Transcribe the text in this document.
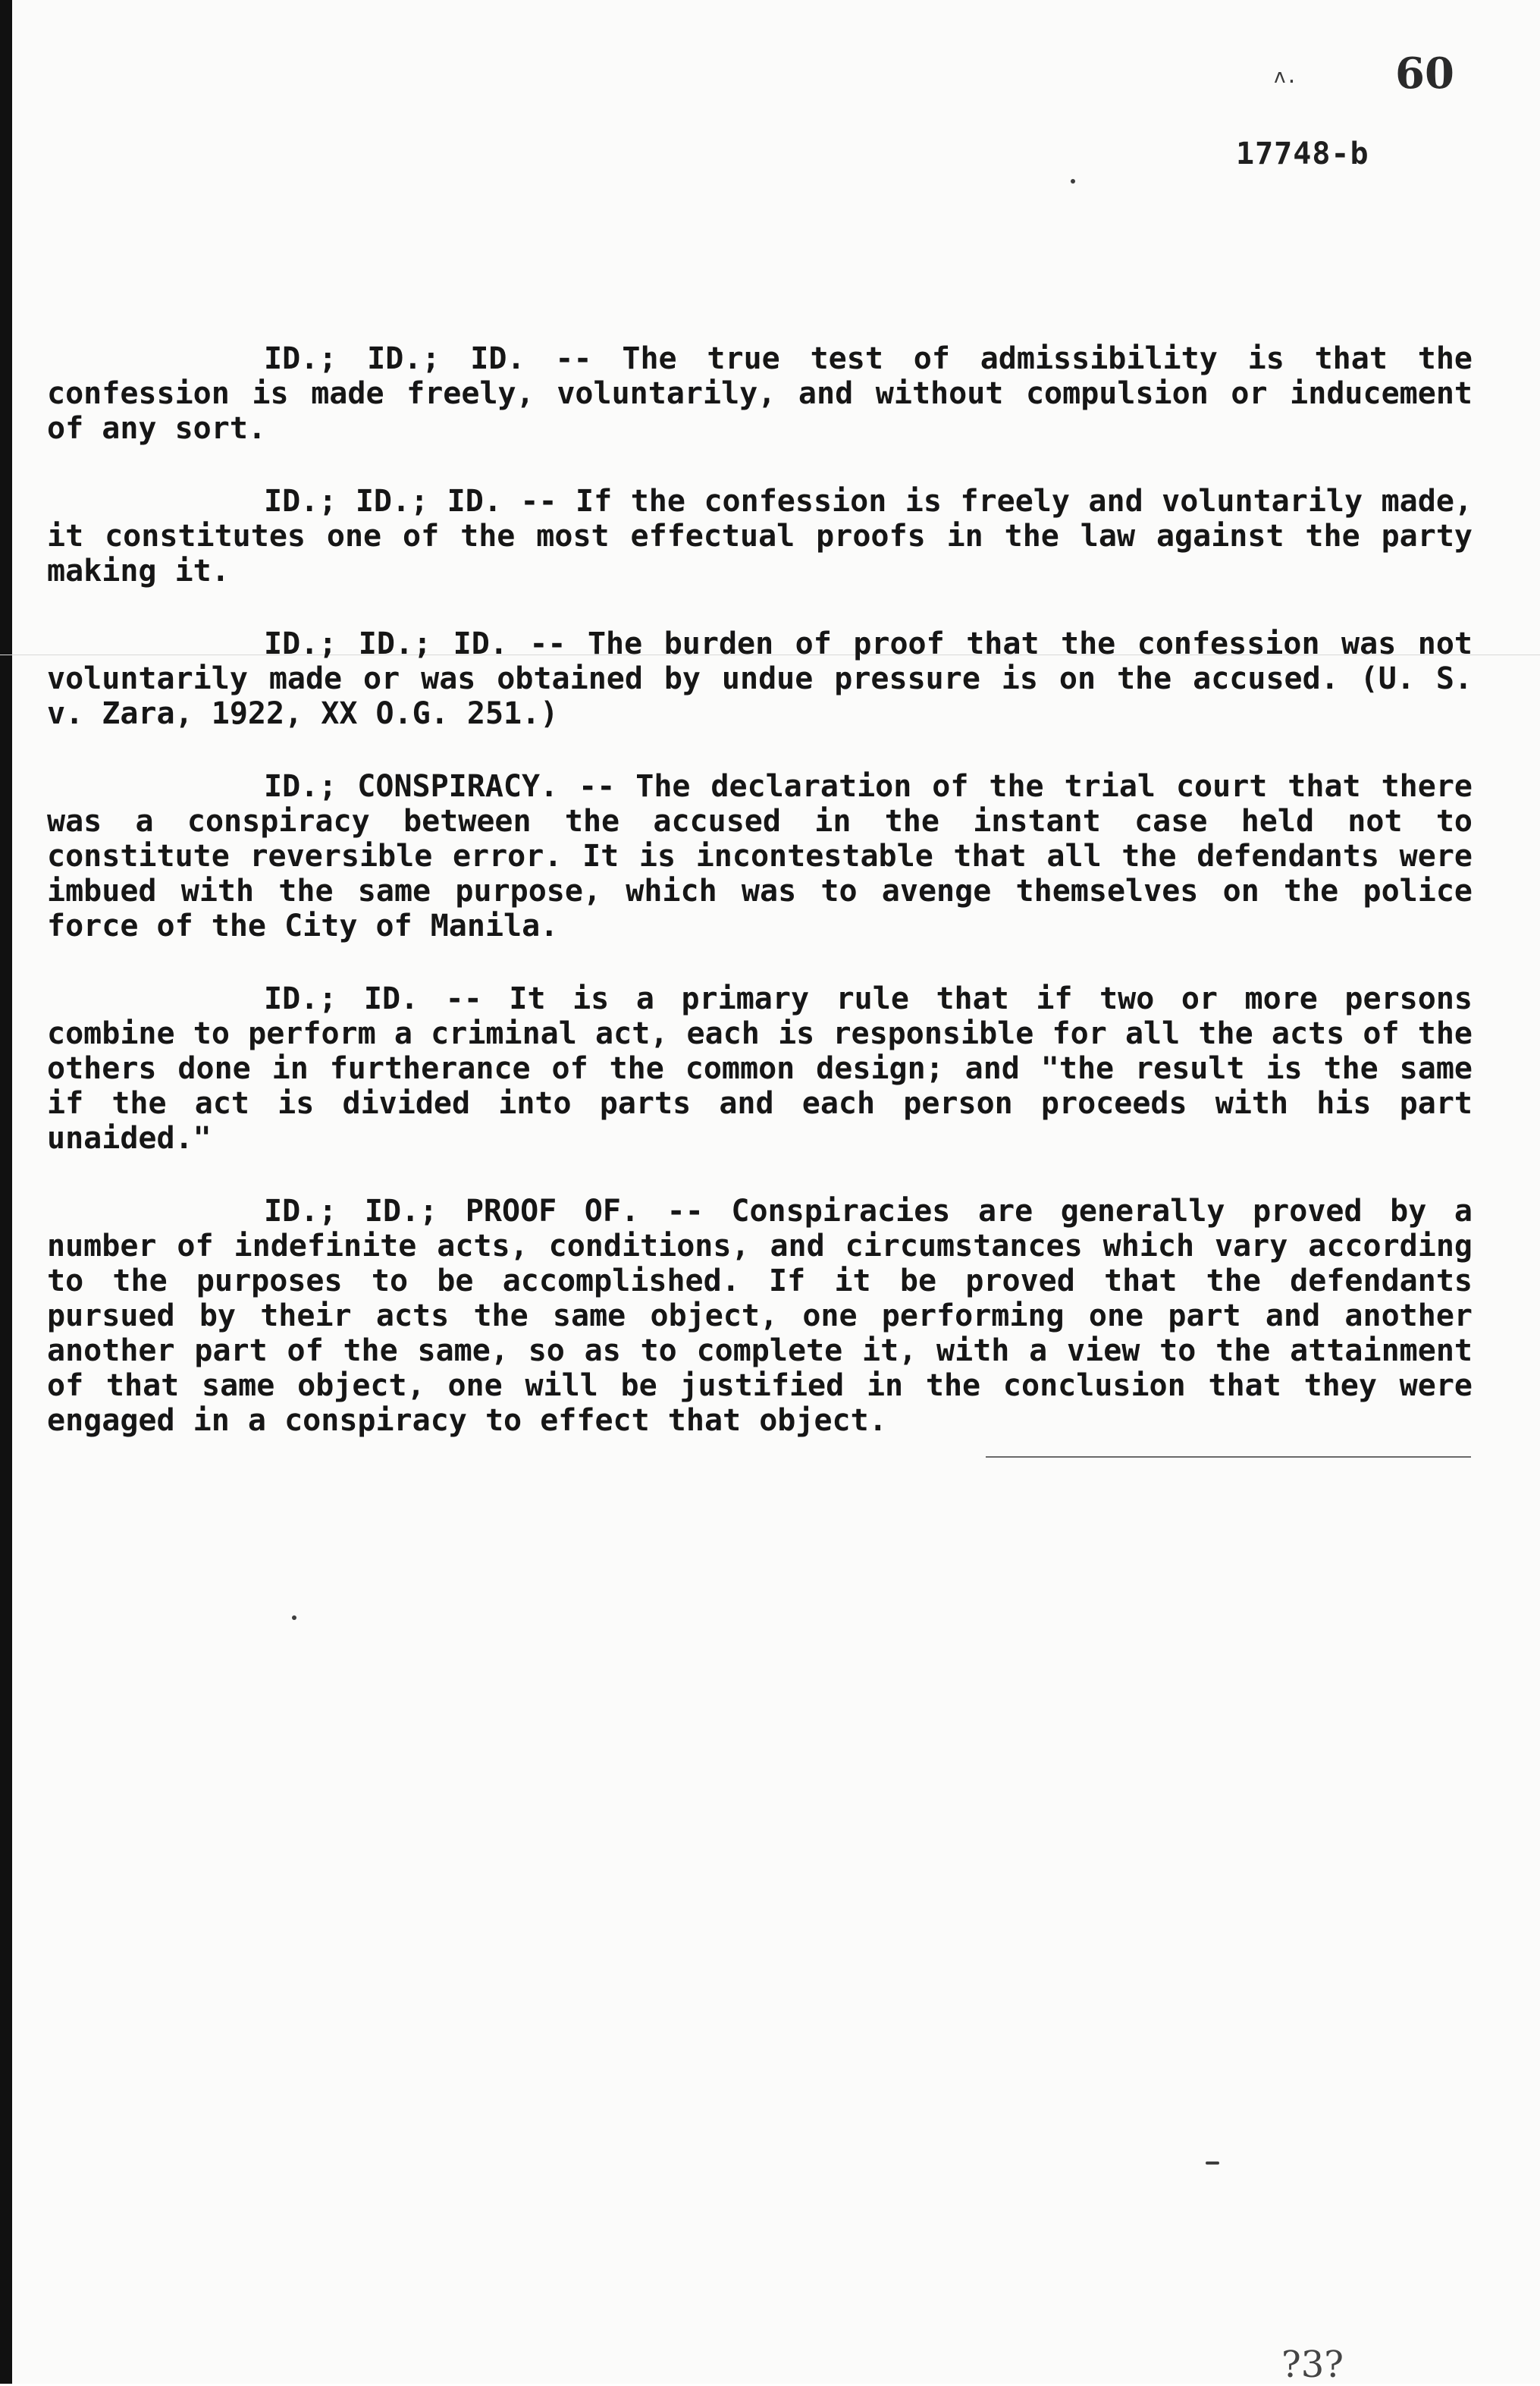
ʌ. 60
17748-b

ID.; ID.; ID. -- The true test of admissibility is that the confession is made freely, voluntarily, and without compulsion or inducement of any sort.

ID.; ID.; ID. -- If the confession is freely and voluntarily made, it constitutes one of the most effectual proofs in the law against the party making it.

ID.; ID.; ID. -- The burden of proof that the confession was not voluntarily made or was obtained by undue pressure is on the accused. (U. S. v. Zara, 1922, XX O.G. 251.)

ID.; CONSPIRACY. -- The declaration of the trial court that there was a conspiracy between the accused in the instant case held not to constitute reversible error. It is incontestable that all the defendants were imbued with the same purpose, which was to avenge themselves on the police force of the City of Manila.

ID.; ID. -- It is a primary rule that if two or more persons combine to perform a criminal act, each is responsible for all the acts of the others done in furtherance of the common design; and "the result is the same if the act is divided into parts and each person proceeds with his part unaided."

ID.; ID.; PROOF OF. -- Conspiracies are generally proved by a number of indefinite acts, conditions, and circumstances which vary according to the purposes to be accomplished. If it be proved that the defendants pursued by their acts the same object, one performing one part and another another part of the same, so as to complete it, with a view to the attainment of that same object, one will be justified in the conclusion that they were engaged in a conspiracy to effect that object.

?3?
